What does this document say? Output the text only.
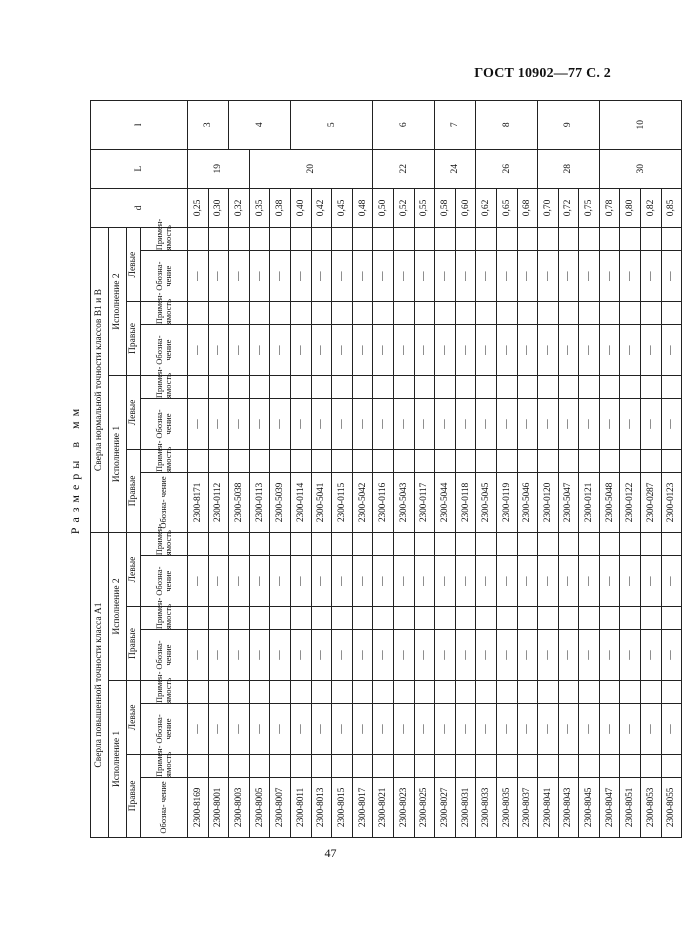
ГОСТ 10902—77 С. 2
Размеры в мм
Сверла повышенной точности класса А1								Сверла нормальной точности классов В1 и В								d	L	l
Исполнение 1				Исполнение 2				Исполнение 1				Исполнение 2						
Правые		Левые		Правые		Левые		Правые		Левые		Правые		Левые				
Обозна- чение	Примен- ямость	Обозна- чение	Примен- ямость	Обозна- чение	Примен- ямость	Обозна- чение	Примен- ямость	Обозна- чение	Примен- ямость	Обозна- чение	Примен- ямость	Обозна- чение	Примен- ямость	Обозна- чение	Примен- ямость			
2300-8169		—		—		—		2300-8171		—		—		—		0,25	19	3
2300-8001		—		—		—		2300-0112		—		—		—		0,30		
2300-8003		—		—		—		2300-5038		—		—		—		0,32		4
2300-8005		—		—		—		2300-0113		—		—		—		0,35	20	
2300-8007		—		—		—		2300-5039		—		—		—		0,38		
2300-8011		—		—		—		2300-0114		—		—		—		0,40		5
2300-8013		—		—		—		2300-5041		—		—		—		0,42		
2300-8015		—		—		—		2300-0115		—		—		—		0,45		
2300-8017		—		—		—		2300-5042		—		—		—		0,48		
2300-8021		—		—		—		2300-0116		—		—		—		0,50	22	6
2300-8023		—		—		—		2300-5043		—		—		—		0,52		
2300-8025		—		—		—		2300-0117		—		—		—		0,55		
2300-8027		—		—		—		2300-5044		—		—		—		0,58	24	7
2300-8031		—		—		—		2300-0118		—		—		—		0,60		
2300-8033		—		—		—		2300-5045		—		—		—		0,62	26	8
2300-8035		—		—		—		2300-0119		—		—		—		0,65		
2300-8037		—		—		—		2300-5046		—		—		—		0,68		
2300-8041		—		—		—		2300-0120		—		—		—		0,70	28	9
2300-8043		—		—		—		2300-5047		—		—		—		0,72		
2300-8045		—		—		—		2300-0121		—		—		—		0,75		
2300-8047		—		—		—		2300-5048		—		—		—		0,78	30	10
2300-8051		—		—		—		2300-0122		—		—		—		0,80		
2300-8053		—		—		—		2300-0287		—		—		—		0,82		
2300-8055		—		—		—		2300-0123		—		—		—		0,85		
47
